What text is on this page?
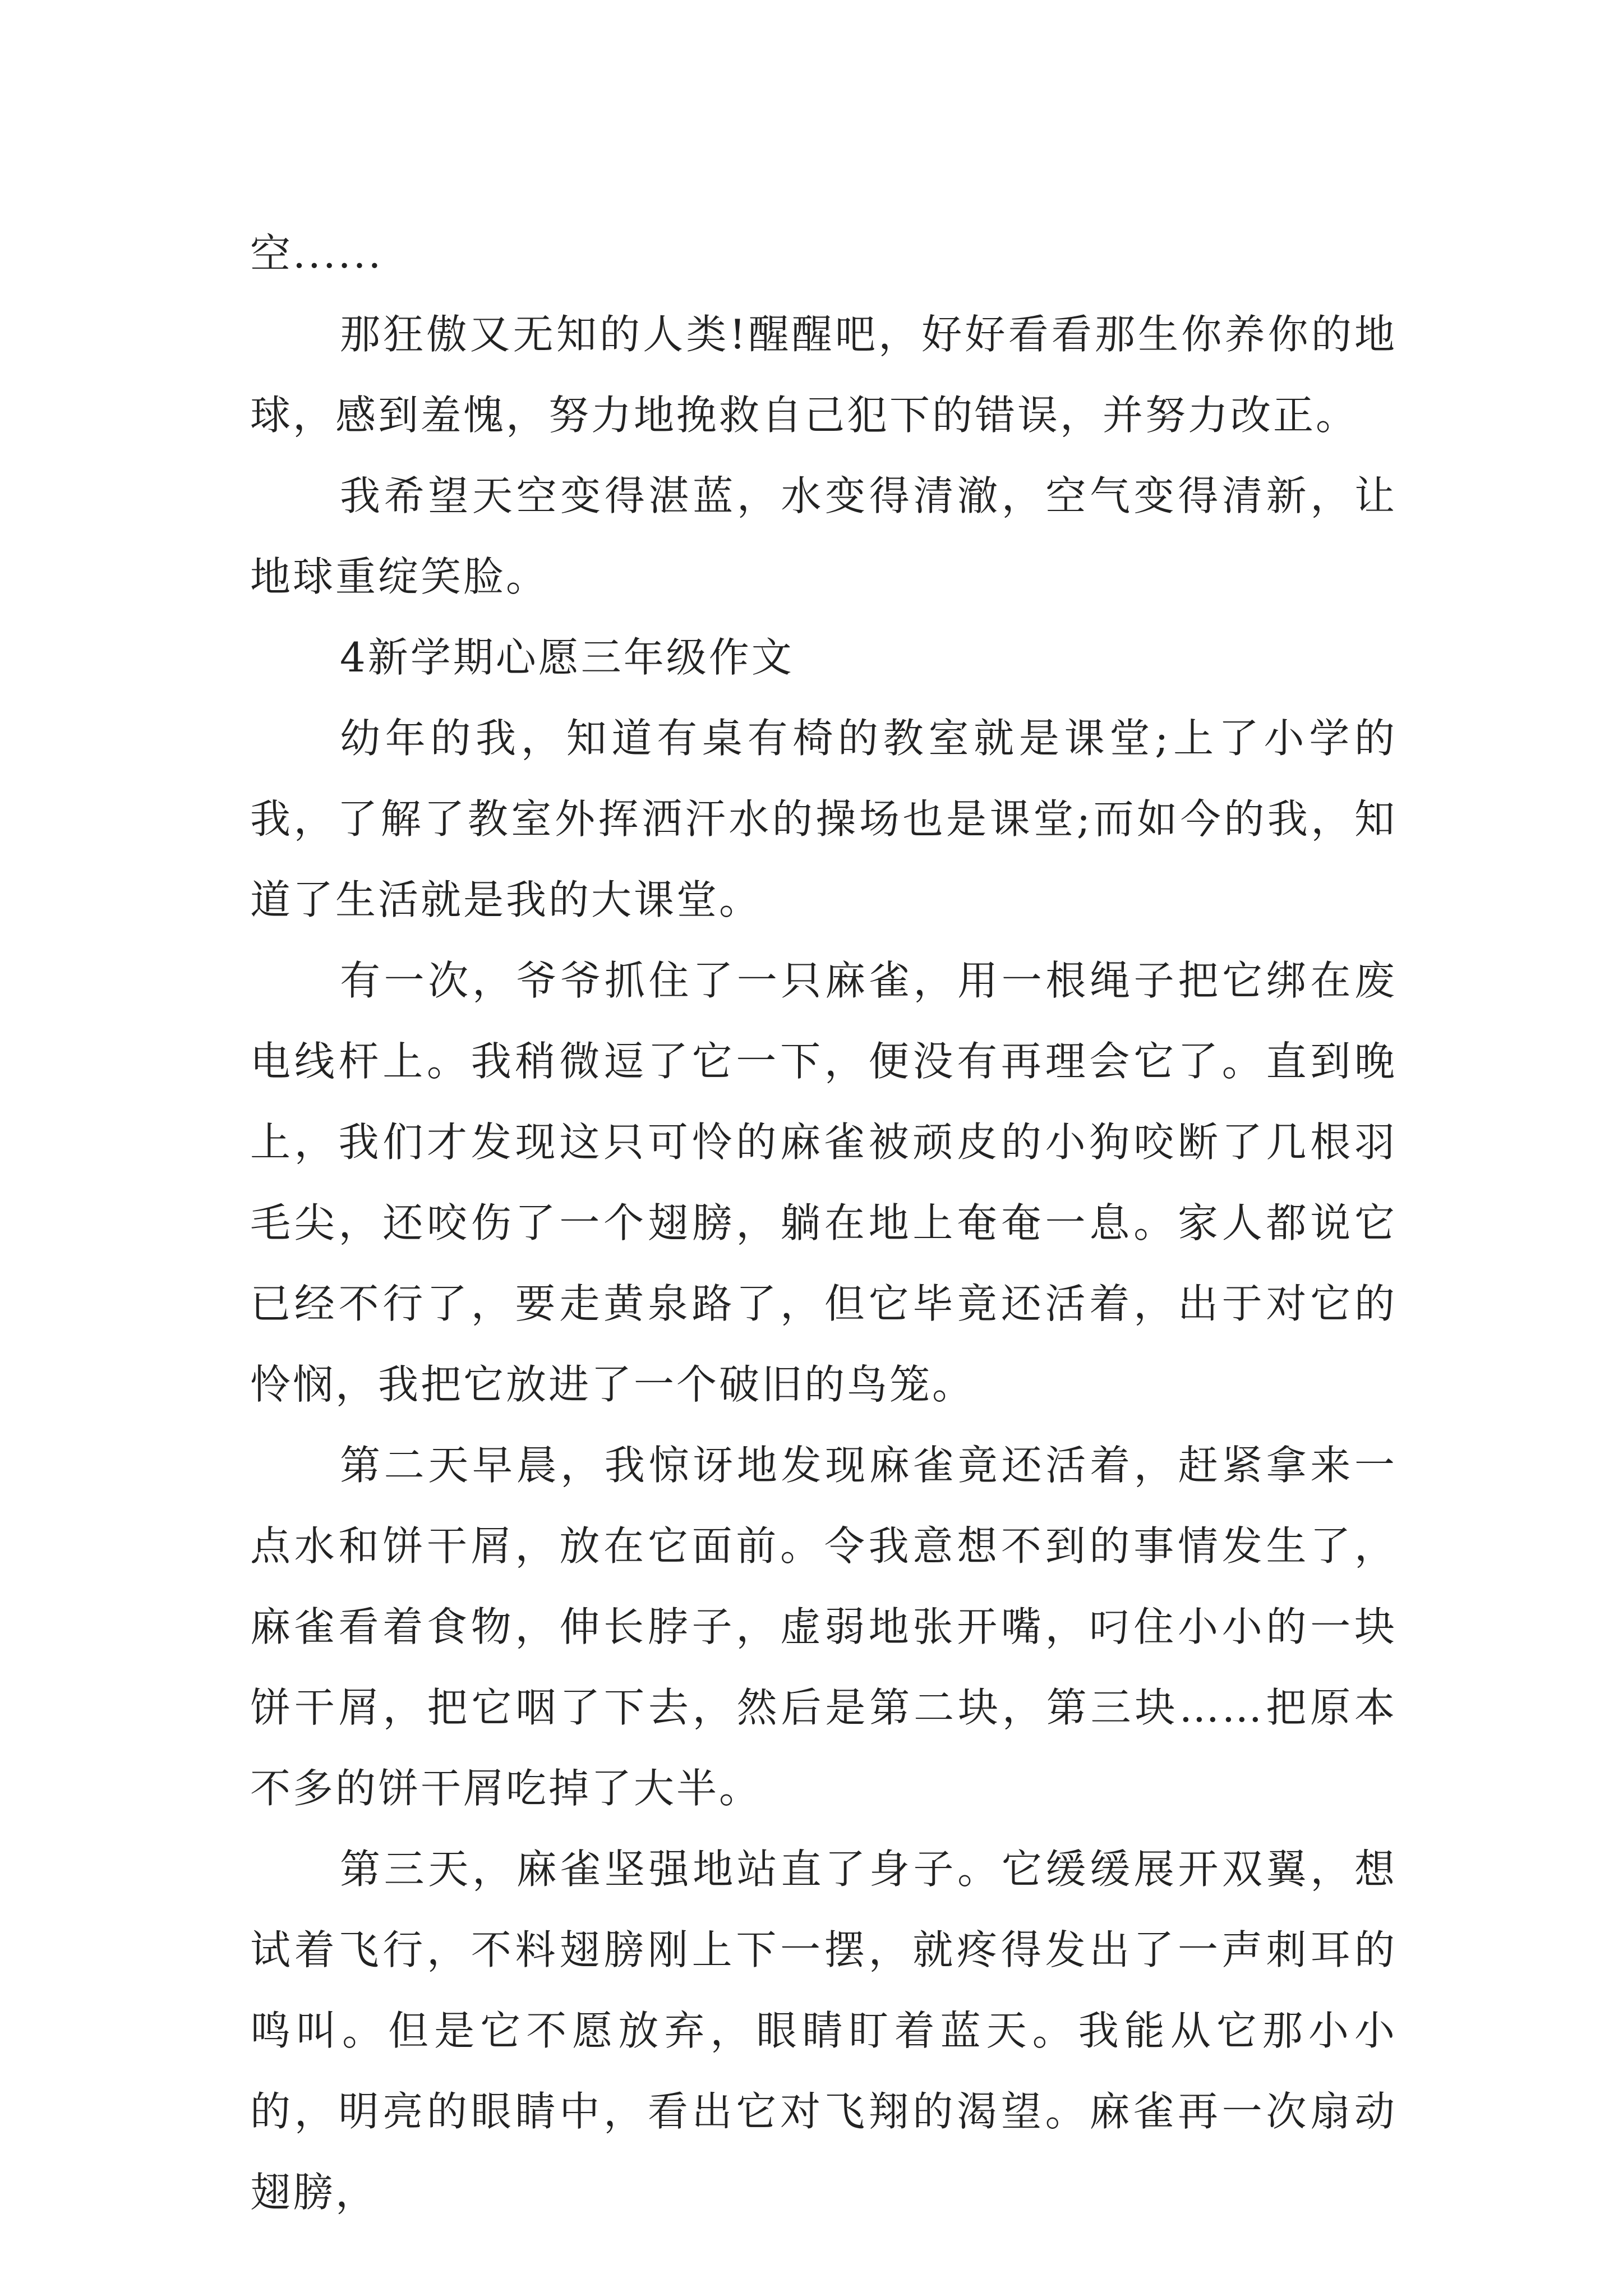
空......

那狂傲又无知的人类!醒醒吧，好好看看那生你养你的地球，感到羞愧，努力地挽救自己犯下的错误，并努力改正。

我希望天空变得湛蓝，水变得清澈，空气变得清新，让地球重绽笑脸。

4新学期心愿三年级作文

幼年的我，知道有桌有椅的教室就是课堂;上了小学的我，了解了教室外挥洒汗水的操场也是课堂;而如今的我，知道了生活就是我的大课堂。

有一次，爷爷抓住了一只麻雀，用一根绳子把它绑在废电线杆上。我稍微逗了它一下，便没有再理会它了。直到晚上，我们才发现这只可怜的麻雀被顽皮的小狗咬断了几根羽毛尖，还咬伤了一个翅膀，躺在地上奄奄一息。家人都说它已经不行了，要走黄泉路了，但它毕竟还活着，出于对它的怜悯，我把它放进了一个破旧的鸟笼。

第二天早晨，我惊讶地发现麻雀竟还活着，赶紧拿来一点水和饼干屑，放在它面前。令我意想不到的事情发生了，麻雀看着食物，伸长脖子，虚弱地张开嘴，叼住小小的一块饼干屑，把它咽了下去，然后是第二块，第三块……把原本不多的饼干屑吃掉了大半。

第三天，麻雀坚强地站直了身子。它缓缓展开双翼，想试着飞行，不料翅膀刚上下一摆，就疼得发出了一声刺耳的鸣叫。但是它不愿放弃，眼睛盯着蓝天。我能从它那小小的，明亮的眼睛中，看出它对飞翔的渴望。麻雀再一次扇动翅膀，
